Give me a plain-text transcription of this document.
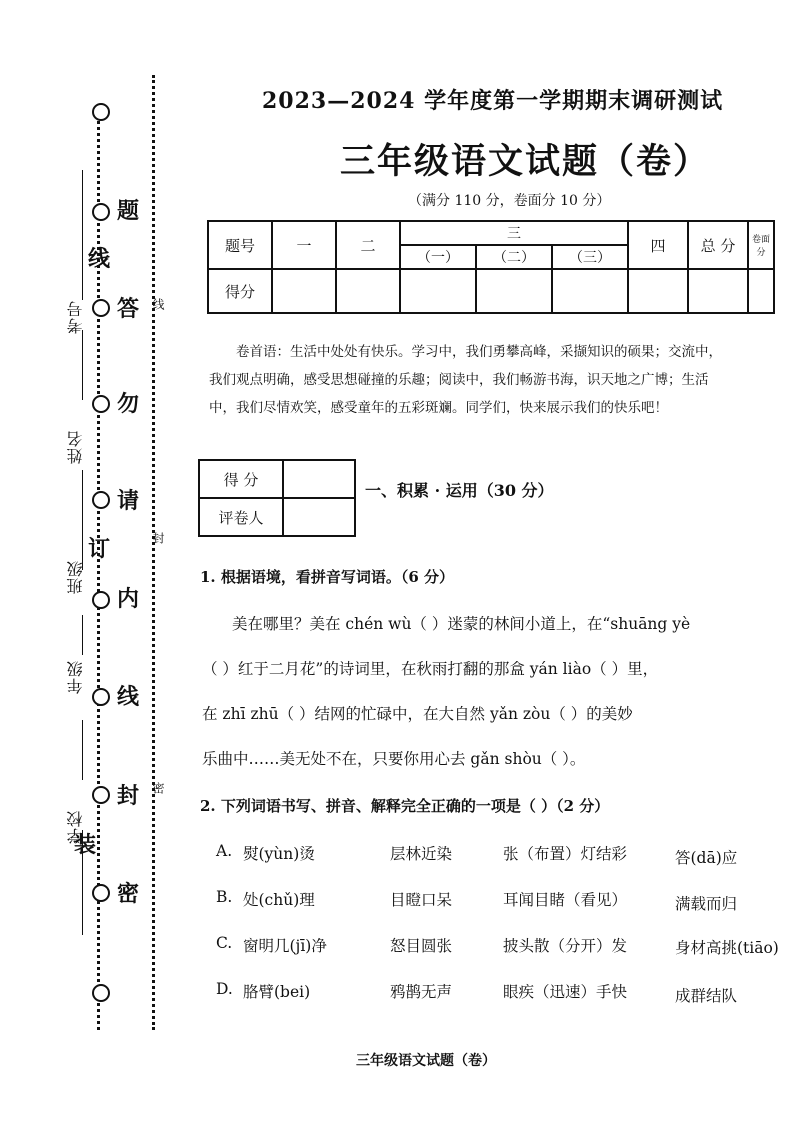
题
答
勿
请
内
线
封
装
密
线
订
考号
姓名
班级
年级
学校
线
封
密
2023—2024 学年度第一学期期末调研测试
三年级语文试题（卷）
（满分 110 分，卷面分 10 分）
题号	一	二	三			四	总 分	卷面分
			（一）	（二）	（三）			
得分								
卷首语：生活中处处有快乐。学习中，我们勇攀高峰，采撷知识的硕果；交流中，
我们观点明确，感受思想碰撞的乐趣；阅读中，我们畅游书海，识天地之广博；生活
中，我们尽情欢笑，感受童年的五彩斑斓。同学们，快来展示我们的快乐吧！
得 分	
评卷人	
一、积累 · 运用（30 分）
1. 根据语境，看拼音写词语。（6 分）
美在哪里？美在 chén wù（ ）迷蒙的林间小道上，在“shuāng yè
（ ）红于二月花”的诗词里，在秋雨打翻的那盒 yán liào（ ）里，
在 zhī zhū（ ）结网的忙碌中，在大自然 yǎn zòu（ ）的美妙
乐曲中……美无处不在，只要你用心去 gǎn shòu（ ）。
2. 下列词语书写、拼音、解释完全正确的一项是（ ）（2 分）
A. 熨(yùn)烫	层林近染	张（布置）灯结彩	答(dā)应
B. 处(chǔ)理	目瞪口呆	耳闻目睹（看见）	满载而归
C. 窗明几(jī)净	怒目圆张	披头散（分开）发	身材高挑(tiāo)
D. 胳臂(bei)	鸦鹊无声	眼疾（迅速）手快	成群结队
三年级语文试题（卷）
